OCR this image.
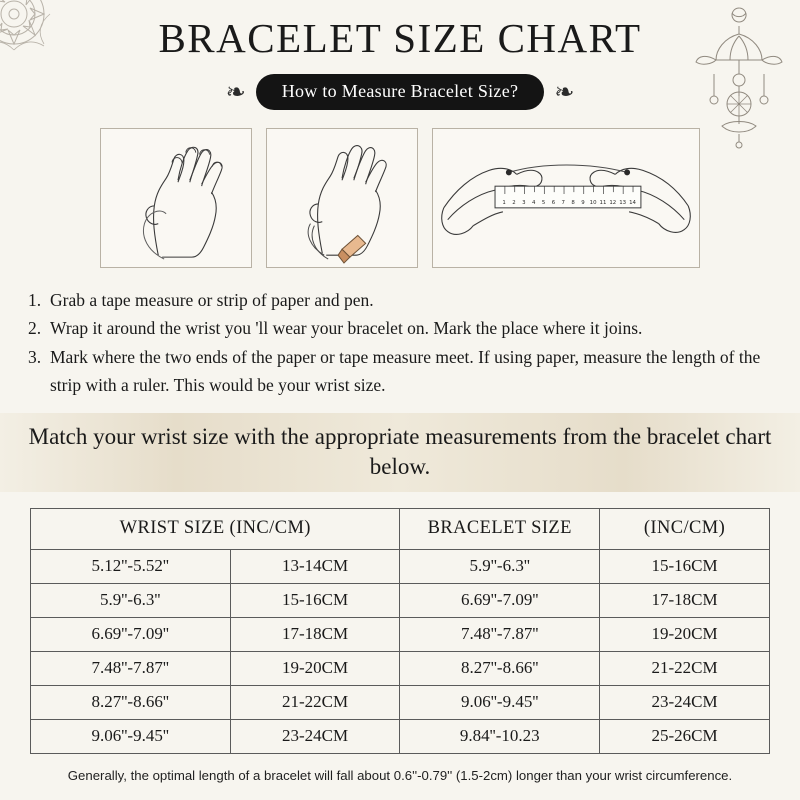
BRACELET SIZE CHART
❧	How to Measure Bracelet Size?	❧
1 2 3 4 5 6 7 8 9 10 11 12 13 14
1. Grab a tape measure or strip of paper and pen.
2. Wrap it around the wrist you 'll wear your bracelet on. Mark the place where it joins.
3. Mark where the two ends of the paper or tape measure meet. If using paper, measure the length of the strip with a ruler. This would be your wrist size.
Match your wrist size with the appropriate measurements from the bracelet chart below.
WRIST SIZE (INC/CM)		BRACELET SIZE	(INC/CM)
5.12''-5.52''	13-14CM	5.9''-6.3''	15-16CM
5.9''-6.3''	15-16CM	6.69''-7.09''	17-18CM
6.69''-7.09''	17-18CM	7.48''-7.87''	19-20CM
7.48''-7.87''	19-20CM	8.27''-8.66''	21-22CM
8.27''-8.66''	21-22CM	9.06''-9.45''	23-24CM
9.06''-9.45''	23-24CM	9.84''-10.23	25-26CM
Generally, the optimal length of a bracelet will fall about 0.6''-0.79'' (1.5-2cm) longer than your wrist circumference.
